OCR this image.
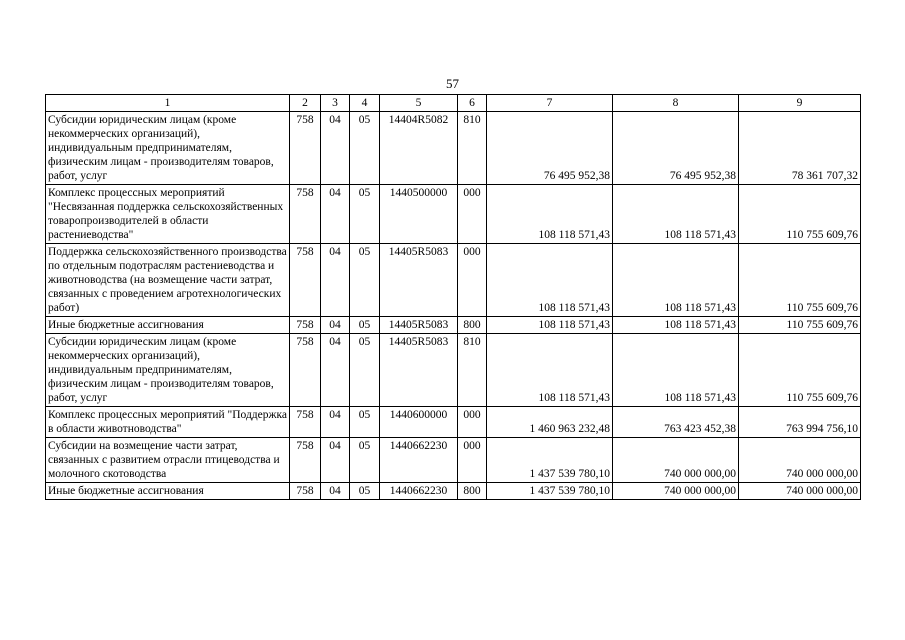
57
1	2	3	4	5	6	7	8	9
Субсидии юридическим лицам (кроме некоммерческих организаций), индивидуальным предпринимателям, физическим лицам - производителям товаров, работ, услуг	758	04	05	14404R5082	810	76 495 952,38	76 495 952,38	78 361 707,32
Комплекс процессных мероприятий "Несвязанная поддержка сельскохозяйственных товаропроизводителей в области растениеводства"	758	04	05	1440500000	000	108 118 571,43	108 118 571,43	110 755 609,76
Поддержка сельскохозяйственного производства по отдельным подотраслям растениеводства и животноводства (на возмещение части затрат, связанных с проведением агротехнологических работ)	758	04	05	14405R5083	000	108 118 571,43	108 118 571,43	110 755 609,76
Иные бюджетные ассигнования	758	04	05	14405R5083	800	108 118 571,43	108 118 571,43	110 755 609,76
Субсидии юридическим лицам (кроме некоммерческих организаций), индивидуальным предпринимателям, физическим лицам - производителям товаров, работ, услуг	758	04	05	14405R5083	810	108 118 571,43	108 118 571,43	110 755 609,76
Комплекс процессных мероприятий "Поддержка в области животноводства"	758	04	05	1440600000	000	1 460 963 232,48	763 423 452,38	763 994 756,10
Субсидии на возмещение части затрат, связанных с развитием отрасли птицеводства и молочного скотоводства	758	04	05	1440662230	000	1 437 539 780,10	740 000 000,00	740 000 000,00
Иные бюджетные ассигнования	758	04	05	1440662230	800	1 437 539 780,10	740 000 000,00	740 000 000,00
